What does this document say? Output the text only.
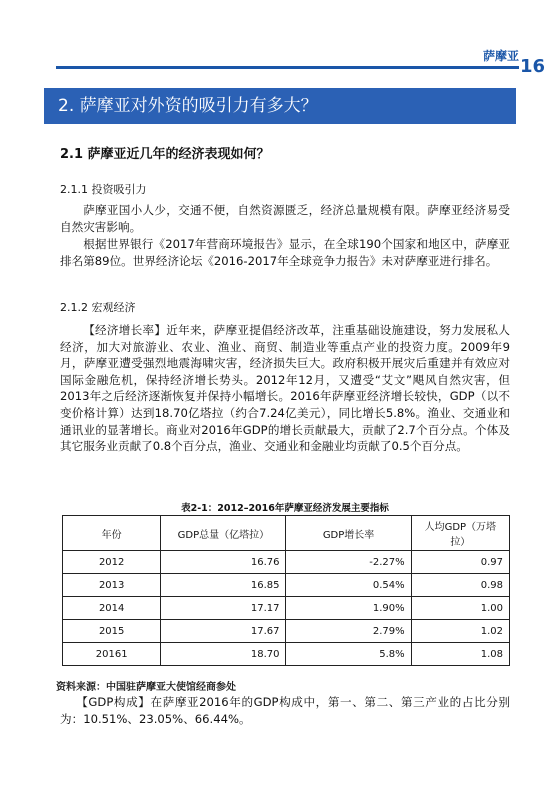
萨摩亚 16
2. 萨摩亚对外资的吸引力有多大？
2.1 萨摩亚近几年的经济表现如何？
2.1.1 投资吸引力

萨摩亚国小人少，交通不便，自然资源匮乏，经济总量规模有限。萨摩亚经济易受自然灾害影响。

根据世界银行《2017年营商环境报告》显示，在全球190个国家和地区中，萨摩亚排名第89位。世界经济论坛《2016-2017年全球竞争力报告》未对萨摩亚进行排名。

2.1.2 宏观经济

【经济增长率】近年来，萨摩亚提倡经济改革，注重基础设施建设，努力发展私人经济，加大对旅游业、农业、渔业、商贸、制造业等重点产业的投资力度。2009年9月，萨摩亚遭受强烈地震海啸灾害，经济损失巨大。政府积极开展灾后重建并有效应对国际金融危机，保持经济增长势头。2012年12月，又遭受“艾文”飓风自然灾害，但2013年之后经济逐渐恢复并保持小幅增长。2016年萨摩亚经济增长较快，GDP（以不变价格计算）达到18.70亿塔拉（约合7.24亿美元），同比增长5.8%。渔业、交通业和通讯业的显著增长。商业对2016年GDP的增长贡献最大，贡献了2.7个百分点。个体及其它服务业贡献了0.8个百分点，渔业、交通业和金融业均贡献了0.5个百分点。

表2-1：2012–2016年萨摩亚经济发展主要指标
年份	GDP总量（亿塔拉）	GDP增长率	人均GDP（万塔拉）
2012	16.76	-2.27%	0.97
2013	16.85	0.54%	0.98
2014	17.17	1.90%	1.00
2015	17.67	2.79%	1.02
20161	18.70	5.8%	1.08
资料来源：中国驻萨摩亚大使馆经商参处

【GDP构成】在萨摩亚2016年的GDP构成中，第一、第二、第三产业的占比分别为：10.51%、23.05%、66.44%。
